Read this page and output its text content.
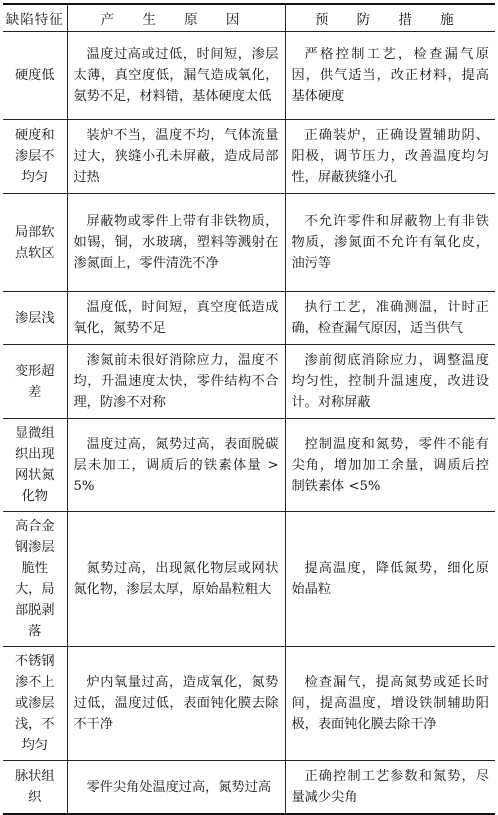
缺陷特征	产 生 原 因	预 防 措 施
硬度低	温度过高或过低，时间短，渗层太薄，真空度低，漏气造成氧化，氨势不足，材料错，基体硬度太低	严格控制工艺，检查漏气原因，供气适当，改正材料，提高基体硬度
硬度和渗层不均匀	装炉不当，温度不均，气体流量过大，狭缝小孔未屏蔽，造成局部过热	正确装炉，正确设置辅助阴、阳极，调节压力，改善温度均匀性，屏蔽狭缝小孔
局部软点软区	屏蔽物或零件上带有非铁物质，如锡，铜，水玻璃，塑料等溅射在渗氮面上，零件清洗不净	不允许零件和屏蔽物上有非铁物质，渗氮面不允许有氧化皮，油污等
渗层浅	温度低，时间短，真空度低造成氧化，氮势不足	执行工艺，准确测温，计时正确，检查漏气原因，适当供气
变形超差	渗氮前未很好消除应力，温度不均，升温速度太快，零件结构不合理，防渗不对称	渗前彻底消除应力，调整温度均匀性，控制升温速度，改进设计。对称屏蔽
显微组织出现网状氮化物	温度过高，氮势过高，表面脱碳层未加工，调质后的铁素体量 >5%	控制温度和氮势，零件不能有尖角，增加加工余量，调质后控制铁素体 <5%
高合金钢渗层脆性大，局部脱剥落	氮势过高，出现氮化物层或网状氮化物，渗层太厚，原始晶粒粗大	提高温度，降低氮势，细化原始晶粒
不锈钢渗不上或渗层浅，不均匀	炉内氧量过高，造成氧化，氮势过低，温度过低，表面钝化膜去除不干净	检查漏气，提高氮势或延长时间，提高温度，增设铁制辅助阳极，表面钝化膜去除干净
脉状组织	零件尖角处温度过高，氮势过高	正确控制工艺参数和氮势，尽量减少尖角
